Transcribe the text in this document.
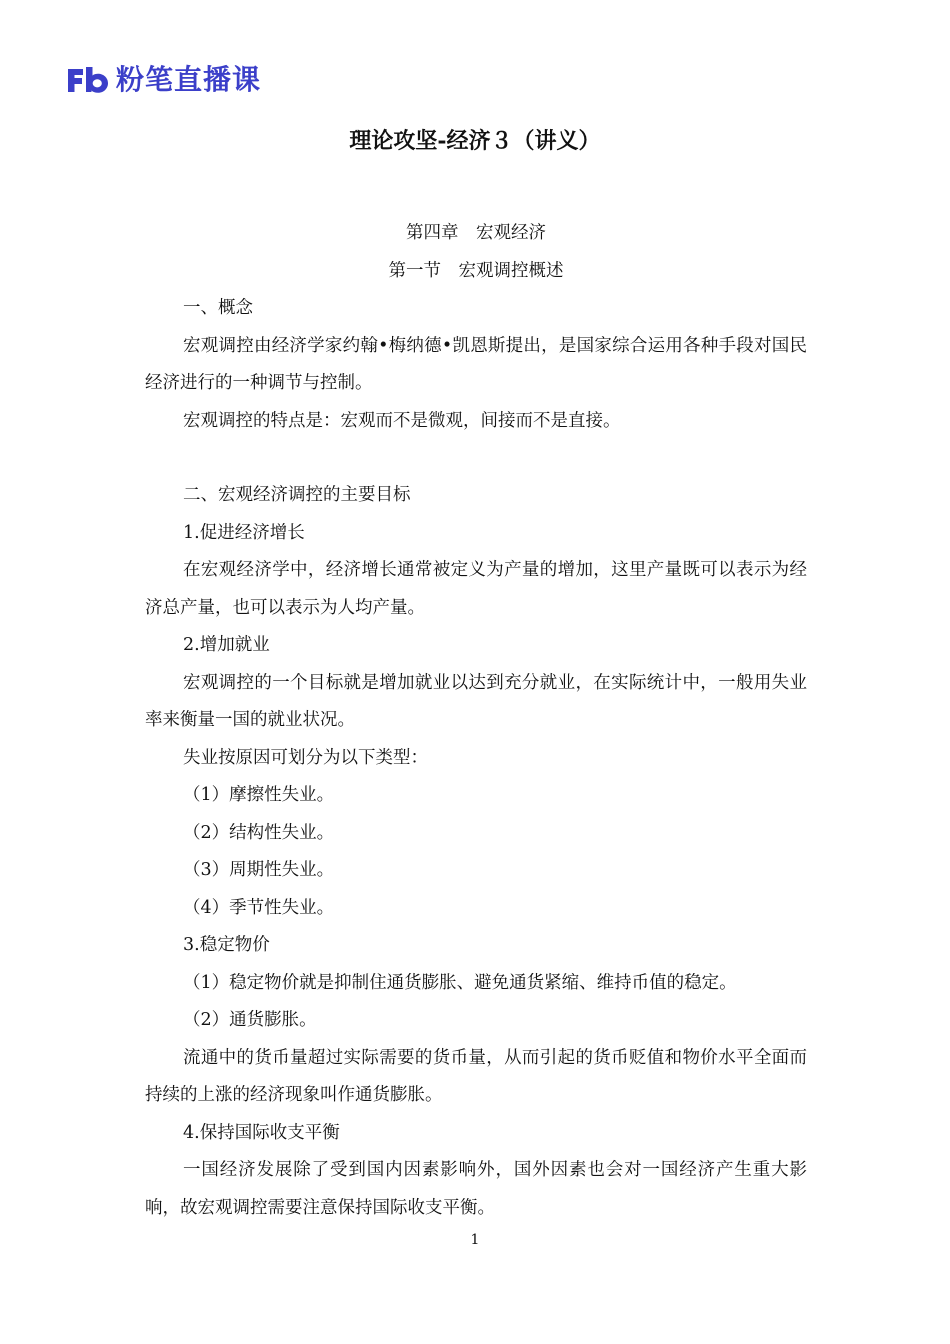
粉笔直播课
理论攻坚-经济３（讲义）

第四章　宏观经济

第一节　宏观调控概述

一、概念

宏观调控由经济学家约翰•梅纳德•凯恩斯提出，是国家综合运用各种手段对国民经济进行的一种调节与控制。

宏观调控的特点是：宏观而不是微观，间接而不是直接。

二、宏观经济调控的主要目标

1.促进经济增长

在宏观经济学中，经济增长通常被定义为产量的增加，这里产量既可以表示为经济总产量，也可以表示为人均产量。

2.增加就业

宏观调控的一个目标就是增加就业以达到充分就业，在实际统计中，一般用失业率来衡量一国的就业状况。

失业按原因可划分为以下类型：

（1）摩擦性失业。

（2）结构性失业。

（3）周期性失业。

（4）季节性失业。

3.稳定物价

（1）稳定物价就是抑制住通货膨胀、避免通货紧缩、维持币值的稳定。

（2）通货膨胀。

流通中的货币量超过实际需要的货币量，从而引起的货币贬值和物价水平全面而持续的上涨的经济现象叫作通货膨胀。

4.保持国际收支平衡

一国经济发展除了受到国内因素影响外，国外因素也会对一国经济产生重大影响，故宏观调控需要注意保持国际收支平衡。

1
